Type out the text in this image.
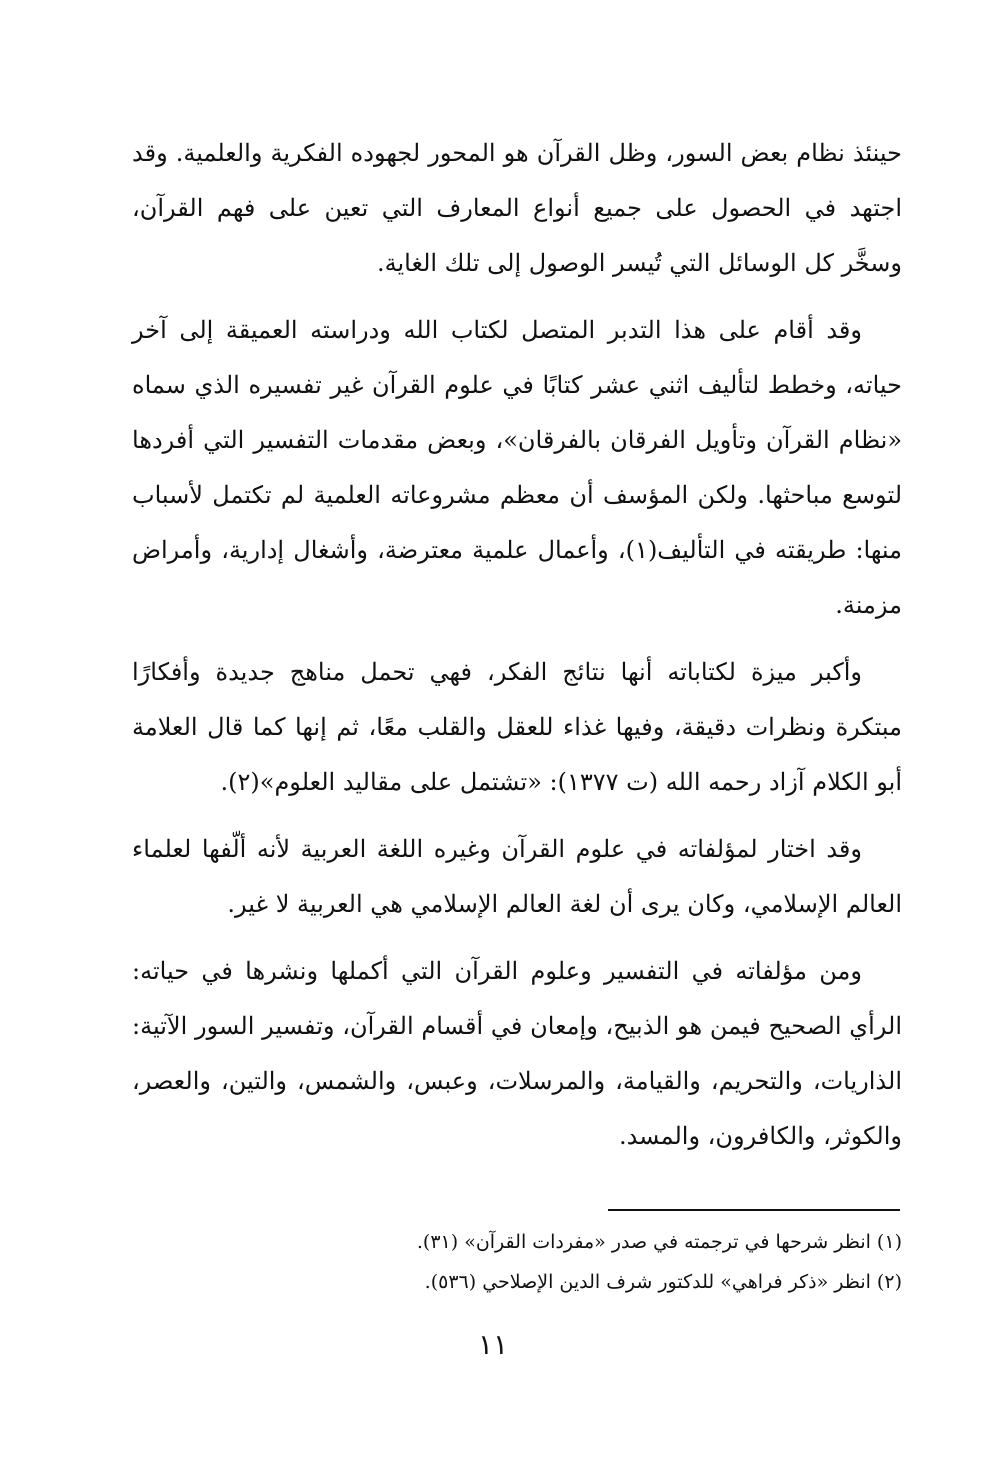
حينئذ نظام بعض السور، وظل القرآن هو المحور لجهوده الفكرية والعلمية. وقد اجتهد في الحصول على جميع أنواع المعارف التي تعين على فهم القرآن، وسخَّر كل الوسائل التي تُيسر الوصول إلى تلك الغاية.

وقد أقام على هذا التدبر المتصل لكتاب الله ودراسته العميقة إلى آخر حياته، وخطط لتأليف اثني عشر كتابًا في علوم القرآن غير تفسيره الذي سماه «نظام القرآن وتأويل الفرقان بالفرقان»، وبعض مقدمات التفسير التي أفردها لتوسع مباحثها. ولكن المؤسف أن معظم مشروعاته العلمية لم تكتمل لأسباب منها: طريقته في التأليف(١)، وأعمال علمية معترضة، وأشغال إدارية، وأمراض مزمنة.

وأكبر ميزة لكتاباته أنها نتائج الفكر، فهي تحمل مناهج جديدة وأفكارًا مبتكرة ونظرات دقيقة، وفيها غذاء للعقل والقلب معًا، ثم إنها كما قال العلامة أبو الكلام آزاد رحمه الله (ت ١٣٧٧): «تشتمل على مقاليد العلوم»(٢).

وقد اختار لمؤلفاته في علوم القرآن وغيره اللغة العربية لأنه ألّفها لعلماء العالم الإسلامي، وكان يرى أن لغة العالم الإسلامي هي العربية لا غير.

ومن مؤلفاته في التفسير وعلوم القرآن التي أكملها ونشرها في حياته: الرأي الصحيح فيمن هو الذبيح، وإمعان في أقسام القرآن، وتفسير السور الآتية: الذاريات، والتحريم، والقيامة، والمرسلات، وعبس، والشمس، والتين، والعصر، والكوثر، والكافرون، والمسد.

(١) انظر شرحها في ترجمته في صدر «مفردات القرآن» (٣١).

(٢) انظر «ذكر فراهي» للدكتور شرف الدين الإصلاحي (٥٣٦).

١١
